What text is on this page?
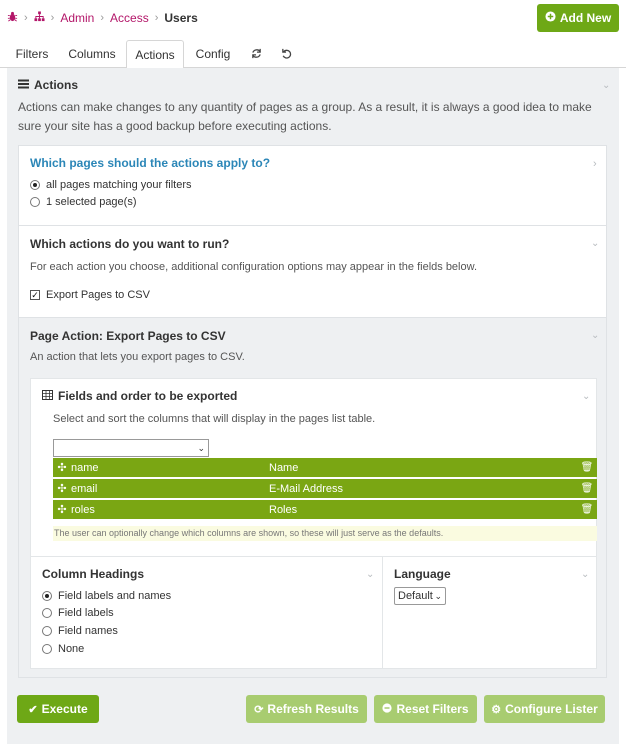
› › Admin › Access › Users	Add New
Filters	Columns	Actions	Config
Actions	⌄
Actions can make changes to any quantity of pages as a group. As a result, it is always a good idea to make sure your site has a good backup before executing actions.
Which pages should the actions apply to?	›
all pages matching your filters
1 selected page(s)
Which actions do you want to run?	⌄
For each action you choose, additional configuration options may appear in the fields below.
✓ Export Pages to CSV
Page Action: Export Pages to CSV	⌄
An action that lets you export pages to CSV.
Fields and order to be exported	⌄
Select and sort the columns that will display in the pages list table.
⌄
✣ name	Name	🗑
✣ email	E-Mail Address	🗑
✣ roles	Roles	🗑
The user can optionally change which columns are shown, so these will just serve as the defaults.
Column Headings	⌄
Field labels and names
Field labels
Field names
None
Language	⌄
Default ⌄
✔ Execute	⟳ Refresh Results	Reset Filters ⚙ Configure Lister
